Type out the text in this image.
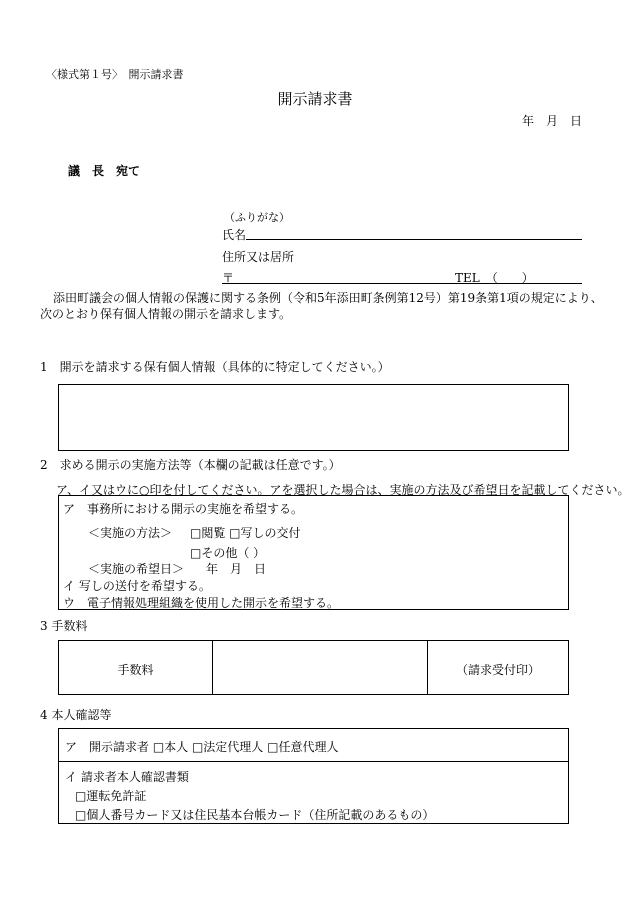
〈様式第１号〉　開示請求書
開示請求書
年　月　日
議　長　宛て
（ふりがな）
氏名
住所又は居所
〒	TEL　（　　）
添田町議会の個人情報の保護に関する条例（令和5年添田町条例第12号）第19条第1項の規定により、
次のとおり保有個人情報の開示を請求します。
1　開示を請求する保有個人情報（具体的に特定してください。）
2　求める開示の実施方法等（本欄の記載は任意です。）
ア、イ又はウに○印を付してください。アを選択した場合は、実施の方法及び希望日を記載してください。
ア　事務所における開示の実施を希望する。
＜実施の方法＞ □閲覧 □写しの交付
□その他（ ）
＜実施の希望日＞ 年　月　日
イ 写しの送付を希望する。
ウ　電子情報処理組織を使用した開示を希望する。
3 手数料
手数料	（請求受付印）
4 本人確認等
ア　開示請求者 □本人 □法定代理人 □任意代理人
イ 請求者本人確認書類
□運転免許証
□個人番号カード又は住民基本台帳カード（住所記載のあるもの）
